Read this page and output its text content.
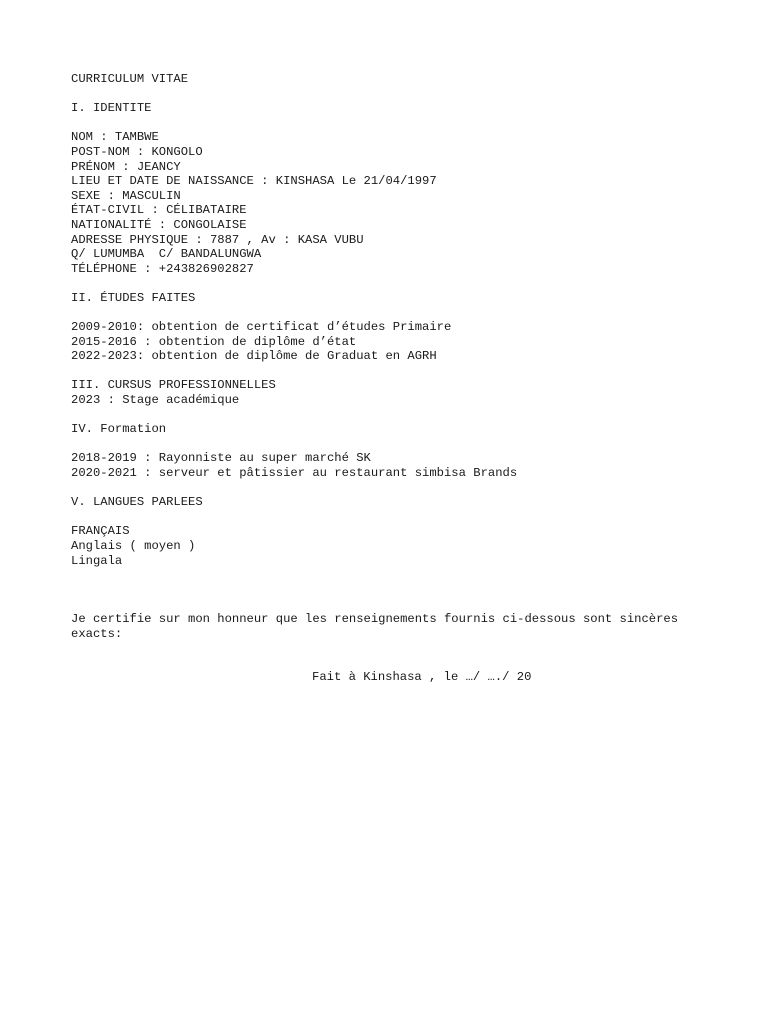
CURRICULUM VITAE
I. IDENTITE
NOM : TAMBWE
POST-NOM : KONGOLO
PRÉNOM : JEANCY
LIEU ET DATE DE NAISSANCE : KINSHASA Le 21/04/1997
SEXE : MASCULIN
ÉTAT-CIVIL : CÉLIBATAIRE
NATIONALITÉ : CONGOLAISE
ADRESSE PHYSIQUE : 7887 , Av : KASA VUBU
Q/ LUMUMBA  C/ BANDALUNGWA
TÉLÉPHONE : +243826902827
II. ÉTUDES FAITES
2009-2010: obtention de certificat d’études Primaire
2015-2016 : obtention de diplôme d’état
2022-2023: obtention de diplôme de Graduat en AGRH
III. CURSUS PROFESSIONNELLES
2023 : Stage académique
IV. Formation
2018-2019 : Rayonniste au super marché SK
2020-2021 : serveur et pâtissier au restaurant simbisa Brands
V. LANGUES PARLEES
FRANÇAIS
Anglais ( moyen )
Lingala
Je certifie sur mon honneur que les renseignements fournis ci-dessous sont sincères exacts:
Fait à Kinshasa , le …/ …./ 20
